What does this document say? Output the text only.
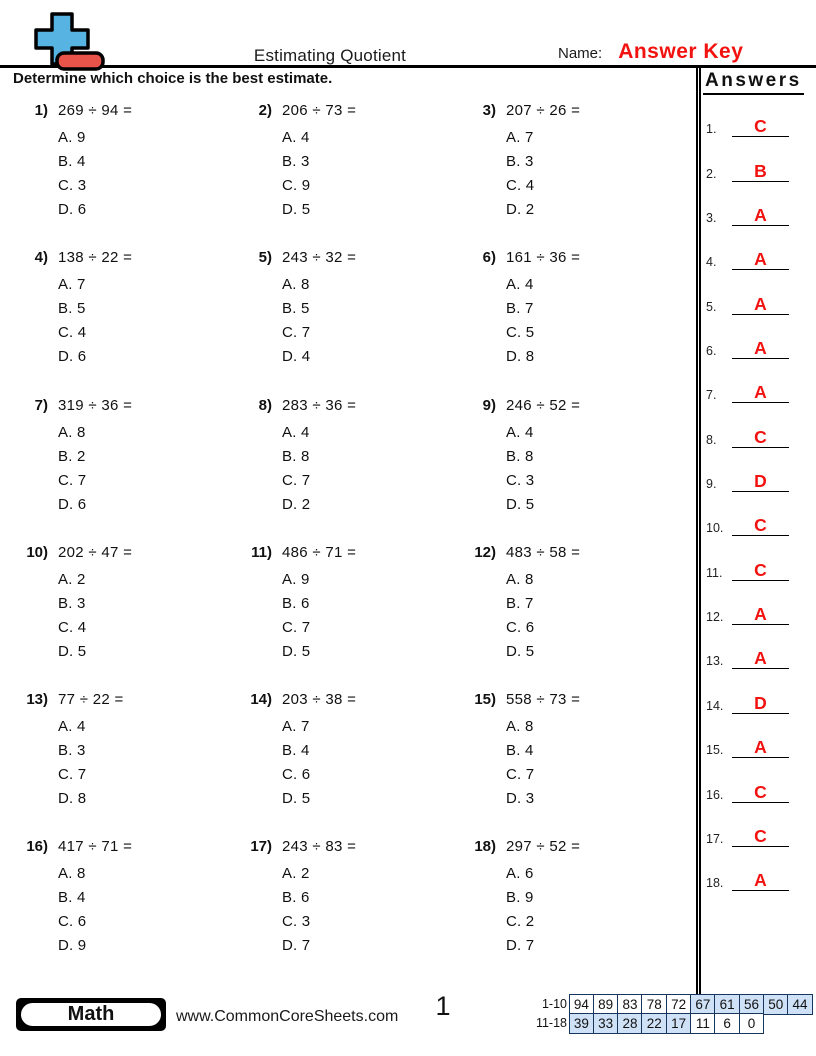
Estimating Quotient	Name: Answer Key
Determine which choice is the best estimate.
1) 269 ÷ 94 =
A. 9
B. 4
C. 3
D. 6
2) 206 ÷ 73 =
A. 4
B. 3
C. 9
D. 5
3) 207 ÷ 26 =
A. 7
B. 3
C. 4
D. 2
4) 138 ÷ 22 =
A. 7
B. 5
C. 4
D. 6
5) 243 ÷ 32 =
A. 8
B. 5
C. 7
D. 4
6) 161 ÷ 36 =
A. 4
B. 7
C. 5
D. 8
7) 319 ÷ 36 =
A. 8
B. 2
C. 7
D. 6
8) 283 ÷ 36 =
A. 4
B. 8
C. 7
D. 2
9) 246 ÷ 52 =
A. 4
B. 8
C. 3
D. 5
10) 202 ÷ 47 =
A. 2
B. 3
C. 4
D. 5
11) 486 ÷ 71 =
A. 9
B. 6
C. 7
D. 5
12) 483 ÷ 58 =
A. 8
B. 7
C. 6
D. 5
13) 77 ÷ 22 =
A. 4
B. 3
C. 7
D. 8
14) 203 ÷ 38 =
A. 7
B. 4
C. 6
D. 5
15) 558 ÷ 73 =
A. 8
B. 4
C. 7
D. 3
16) 417 ÷ 71 =
A. 8
B. 4
C. 6
D. 9
17) 243 ÷ 83 =
A. 2
B. 6
C. 3
D. 7
18) 297 ÷ 52 =
A. 6
B. 9
C. 2
D. 7
Answers
1.	C
2.	B
3.	A
4.	A
5.	A
6.	A
7.	A
8.	C
9.	D
10.	C
11.	C
12.	A
13.	A
14.	D
15.	A
16.	C
17.	C
18.	A
Math	www.CommonCoreSheets.com 1	1-10 94 89 83 78 72 67 61 56 50 44
11-18 39 33 28 22 17 11	6	0
